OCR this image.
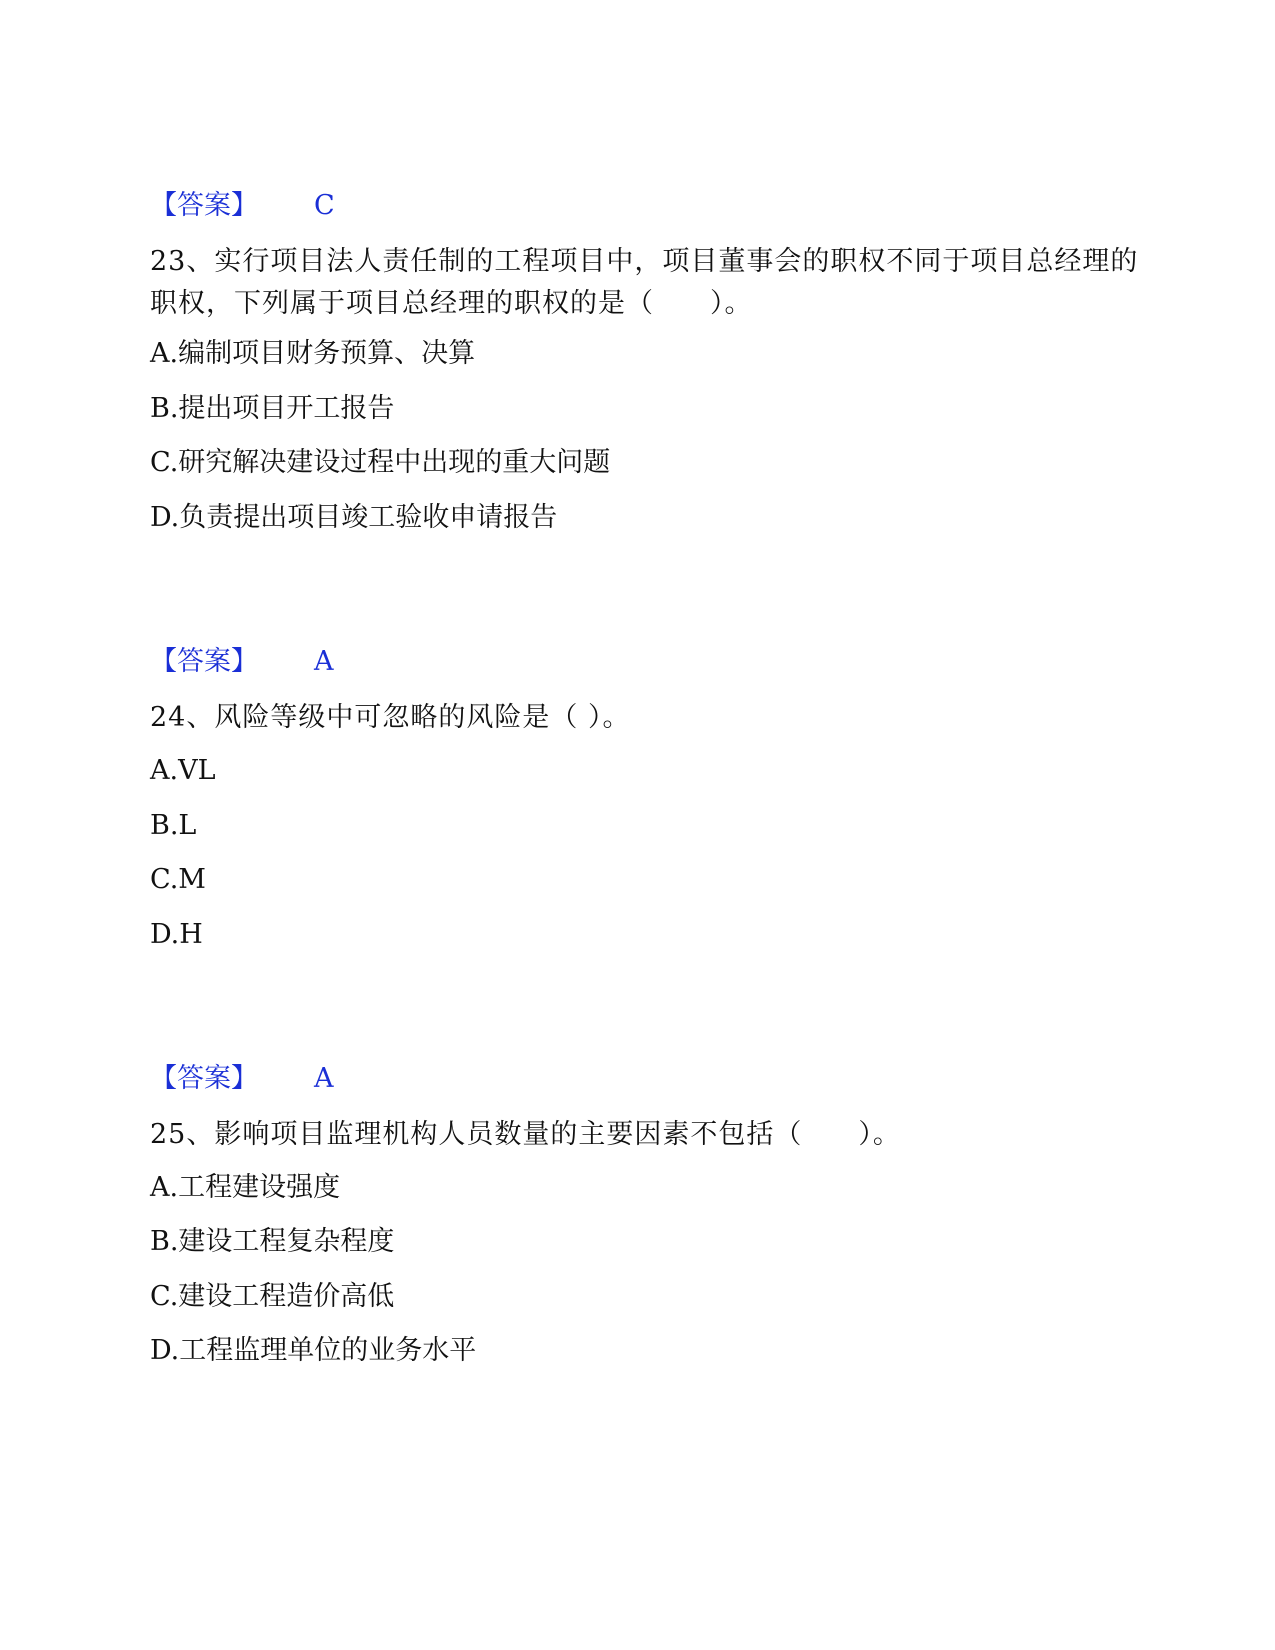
【答案】 C
23、实行项目法人责任制的工程项目中，项目董事会的职权不同于项目总经理的职权，下列属于项目总经理的职权的是（　　）。
A.编制项目财务预算、决算
B.提出项目开工报告
C.研究解决建设过程中出现的重大问题
D.负责提出项目竣工验收申请报告
【答案】 A
24、风险等级中可忽略的风险是（ ）。
A.VL
B.L
C.M
D.H
【答案】 A
25、影响项目监理机构人员数量的主要因素不包括（　　）。
A.工程建设强度
B.建设工程复杂程度
C.建设工程造价高低
D.工程监理单位的业务水平
